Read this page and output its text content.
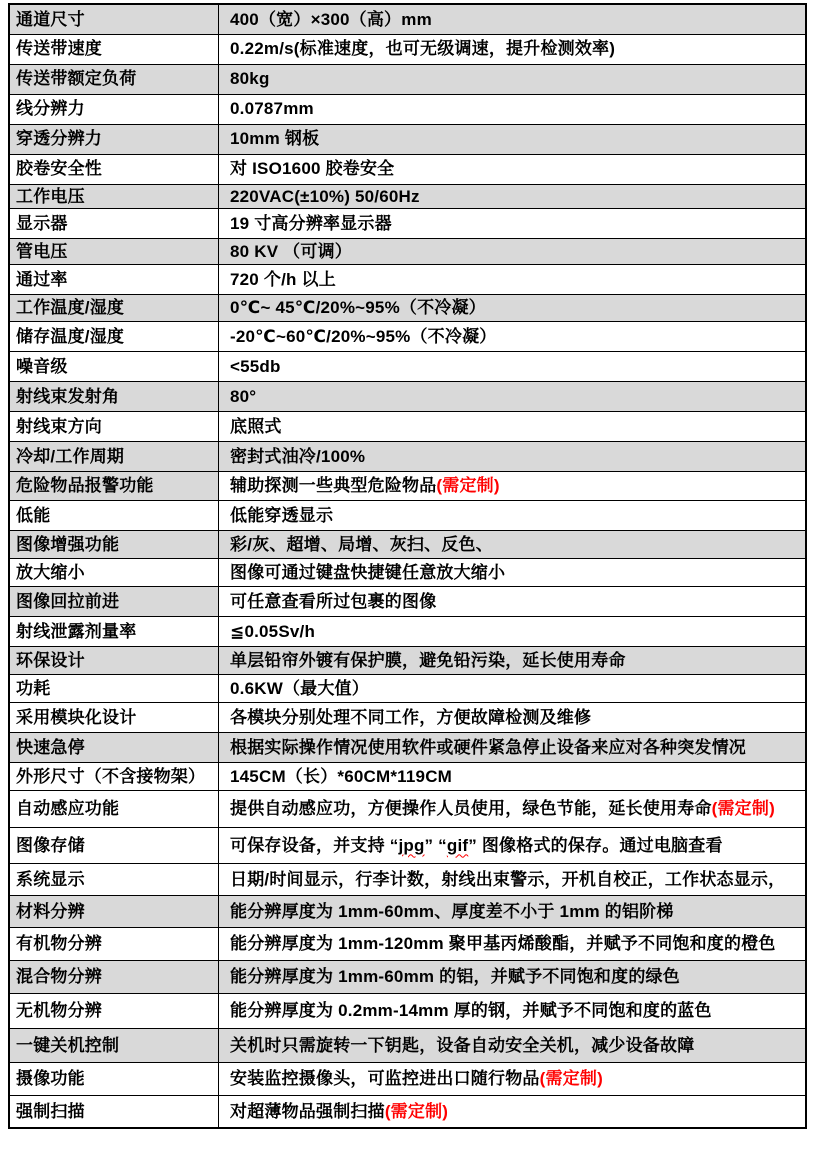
通道尺寸	400（宽）×300（高）mm
传送带速度	0.22m/s(标准速度，也可无级调速，提升检测效率)
传送带额定负荷	80kg
线分辨力	0.0787mm
穿透分辨力	10mm 钢板
胶卷安全性	对 ISO1600 胶卷安全
工作电压	220VAC(±10%) 50/60Hz
显示器	19 寸高分辨率显示器
管电压	80 KV （可调）
通过率	720 个/h 以上
工作温度/湿度	0℃~ 45℃/20%~95%（不冷凝）
储存温度/湿度	-20℃~60℃/20%~95%（不冷凝）
噪音级	<55db
射线束发射角	80°
射线束方向	底照式
冷却/工作周期	密封式油冷/100%
危险物品报警功能	辅助探测一些典型危险物品(需定制)
低能	低能穿透显示
图像增强功能	彩/灰、超增、局增、灰扫、反色、
放大缩小	图像可通过键盘快捷键任意放大缩小
图像回拉前进	可任意查看所过包裹的图像
射线泄露剂量率	≦0.05Sv/h
环保设计	单层铅帘外镀有保护膜，避免铅污染，延长使用寿命
功耗	0.6KW（最大值）
采用模块化设计	各模块分别处理不同工作，方便故障检测及维修
快速急停	根据实际操作情况使用软件或硬件紧急停止设备来应对各种突发情况
外形尺寸（不含接物架）	145CM（长）*60CM*119CM
自动感应功能	提供自动感应功，方便操作人员使用，绿色节能，延长使用寿命(需定制)
图像存储	可保存设备，并支持 “jpg” “gif” 图像格式的保存。通过电脑查看
系统显示	日期/时间显示，行李计数，射线出束警示，开机自校正，工作状态显示，
材料分辨	能分辨厚度为 1mm-60mm、厚度差不小于 1mm 的铝阶梯
有机物分辨	能分辨厚度为 1mm-120mm 聚甲基丙烯酸酯，并赋予不同饱和度的橙色
混合物分辨	能分辨厚度为 1mm-60mm 的铝，并赋予不同饱和度的绿色
无机物分辨	能分辨厚度为 0.2mm-14mm 厚的钢，并赋予不同饱和度的蓝色
一键关机控制	关机时只需旋转一下钥匙，设备自动安全关机，减少设备故障
摄像功能	安装监控摄像头，可监控进出口随行物品(需定制)
强制扫描	对超薄物品强制扫描(需定制)
